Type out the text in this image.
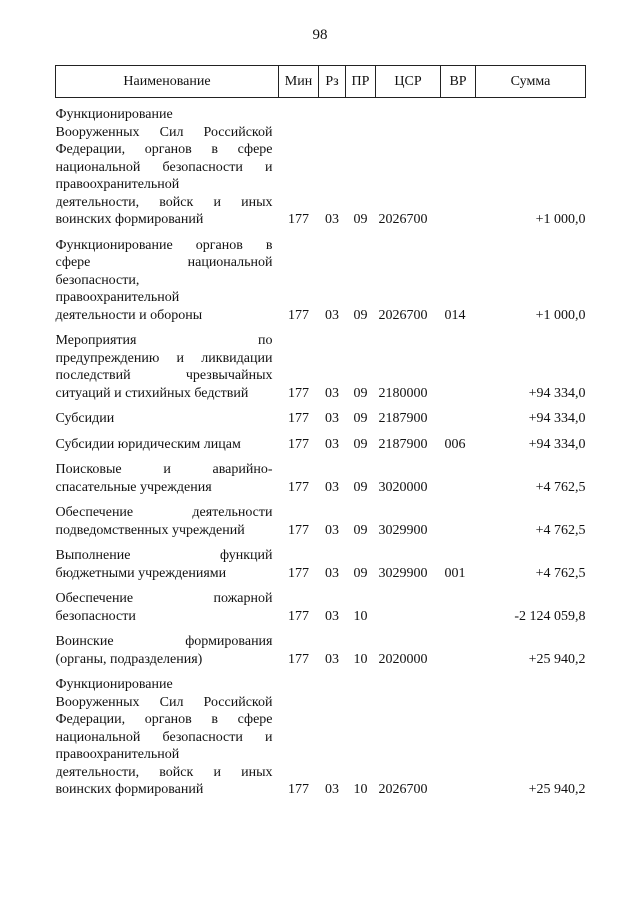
98
Наименование	Мин	Рз	ПР	ЦСР	ВР	Сумма

Функционирование
Вооруженных Сил Российской
Федерации, органов в сфере
национальной безопасности и
правоохранительной
деятельности, войск и иных
воинских формирований	177	03	09	2026700		+1 000,0

Функционирование органов в
сфере национальной
безопасности,
правоохранительной
деятельности и обороны	177	03	09	2026700	014	+1 000,0

Мероприятия по
предупреждению и ликвидации
последствий чрезвычайных
ситуаций и стихийных бедствий	177	03	09	2180000		+94 334,0

Субсидии	177	03	09	2187900		+94 334,0

Субсидии юридическим лицам	177	03	09	2187900	006	+94 334,0

Поисковые и аварийно-
спасательные учреждения	177	03	09	3020000		+4 762,5

Обеспечение деятельности
подведомственных учреждений	177	03	09	3029900		+4 762,5

Выполнение функций
бюджетными учреждениями	177	03	09	3029900	001	+4 762,5

Обеспечение пожарной
безопасности	177	03	10			-2 124 059,8

Воинские формирования
(органы, подразделения)	177	03	10	2020000		+25 940,2

Функционирование
Вооруженных Сил Российской
Федерации, органов в сфере
национальной безопасности и
правоохранительной
деятельности, войск и иных
воинских формирований	177	03	10	2026700		+25 940,2
